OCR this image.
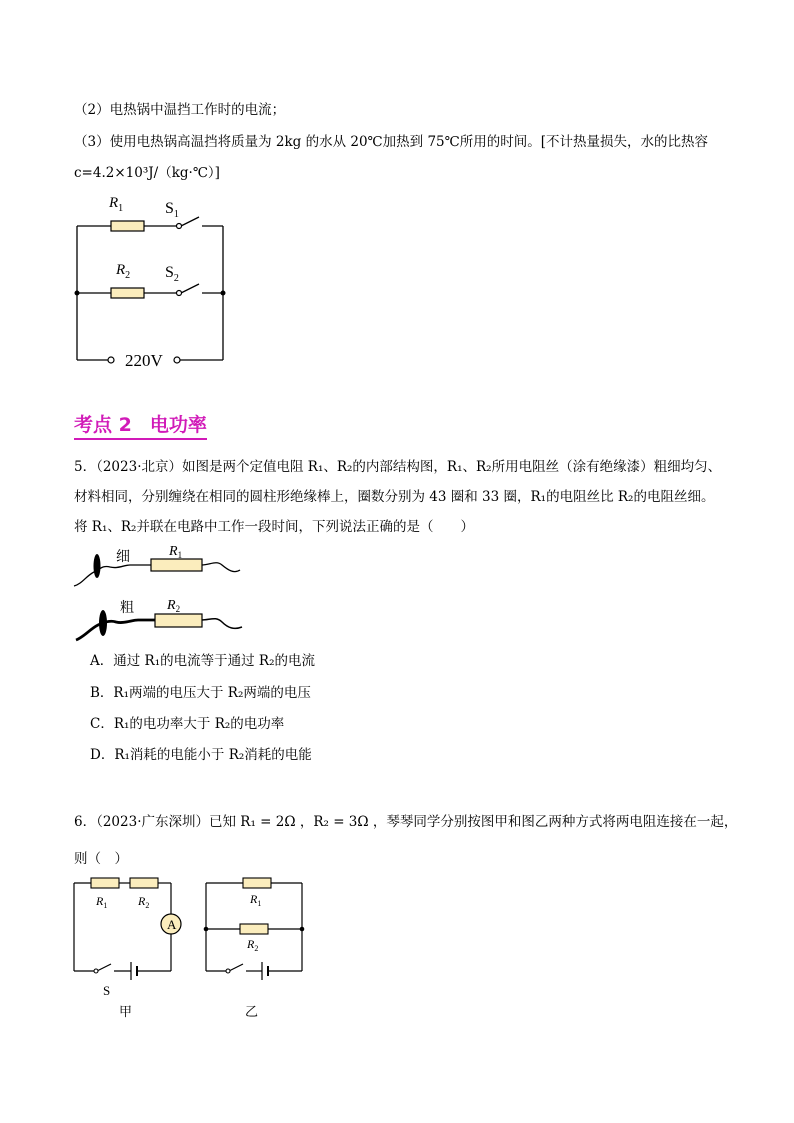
（2）电热锅中温挡工作时的电流；
（3）使用电热锅高温挡将质量为 2kg 的水从 20℃加热到 75℃所用的时间。[不计热量损失，水的比热容
c=4.2×10³J/（kg·℃）]
$R_1$	$S_1$
$R_2$ $S_2$
220V
考点 2 电功率
5．（2023·北京）如图是两个定值电阻 R₁、R₂的内部结构图，R₁、R₂所用电阻丝（涂有绝缘漆）粗细均匀、
材料相同，分别缠绕在相同的圆柱形绝缘棒上，圈数分别为 43 圈和 33 圈，R₁的电阻丝比 R₂的电阻丝细。
将 R₁、R₂并联在电路中工作一段时间，下列说法正确的是（　　）
细	$R_1$
粗 $R_2$
A．通过 R₁的电流等于通过 R₂的电流
B．R₁两端的电压大于 R₂两端的电压
C．R₁的电功率大于 R₂的电功率
D．R₁消耗的电能小于 R₂消耗的电能
6．（2023·广东深圳）已知 R₁ = 2Ω ，R₂ = 3Ω ，琴琴同学分别按图甲和图乙两种方式将两电阻连接在一起，
则（　）
A
$R_1$	$R_2$
S
甲
$R_1$
$R_2$
乙
